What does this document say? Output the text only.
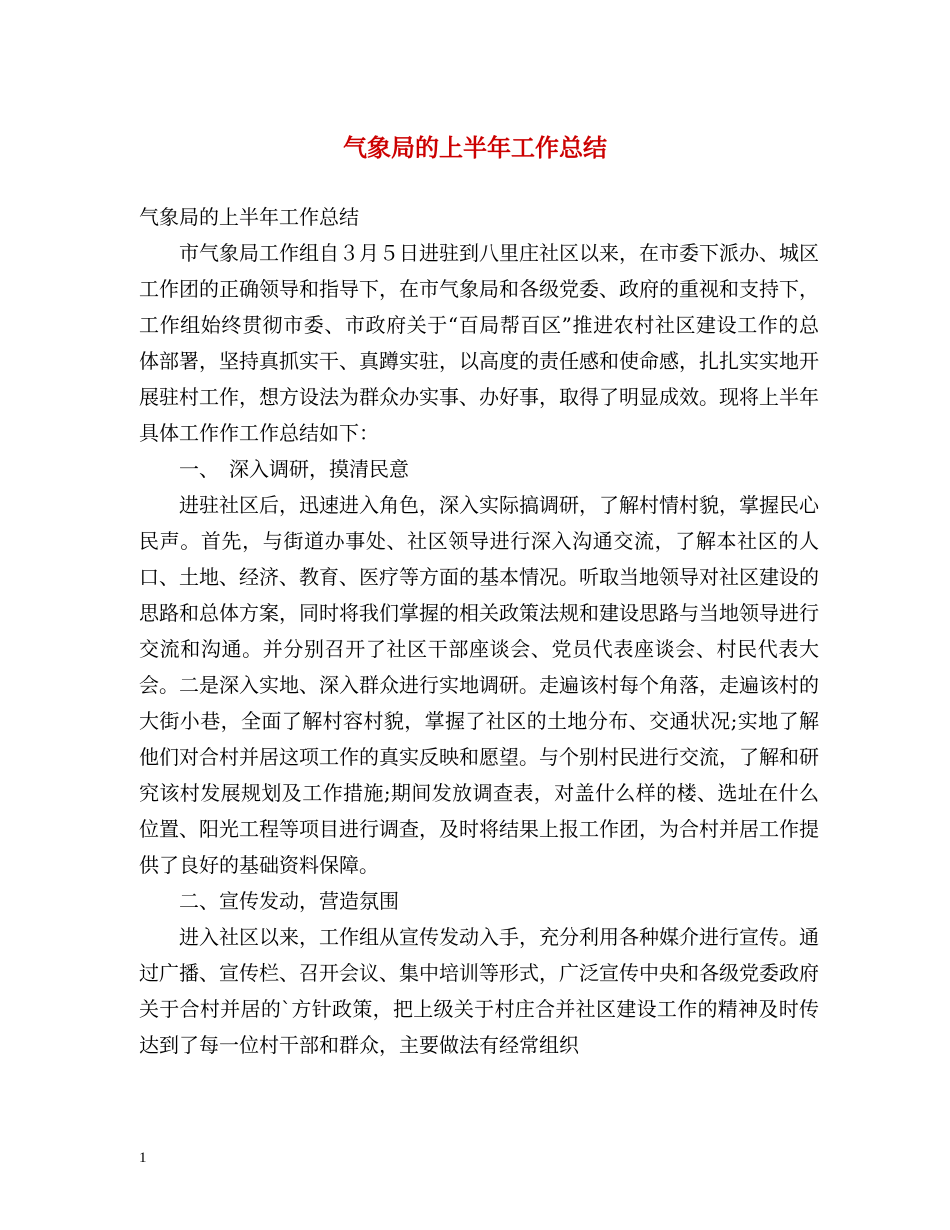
气象局的上半年工作总结

气象局的上半年工作总结

市气象局工作组自３月５日进驻到八里庄社区以来，在市委下派办、城区工作团的正确领导和指导下，在市气象局和各级党委、政府的重视和支持下，工作组始终贯彻市委、市政府关于“百局帮百区”推进农村社区建设工作的总体部署，坚持真抓实干、真蹲实驻，以高度的责任感和使命感，扎扎实实地开展驻村工作，想方设法为群众办实事、办好事，取得了明显成效。现将上半年具体工作作工作总结如下：

一、　深入调研，摸清民意

进驻社区后，迅速进入角色，深入实际搞调研，了解村情村貌，掌握民心民声。首先，与街道办事处、社区领导进行深入沟通交流，了解本社区的人口、土地、经济、教育、医疗等方面的基本情况。听取当地领导对社区建设的思路和总体方案，同时将我们掌握的相关政策法规和建设思路与当地领导进行交流和沟通。并分别召开了社区干部座谈会、党员代表座谈会、村民代表大会。二是深入实地、深入群众进行实地调研。走遍该村每个角落，走遍该村的大街小巷，全面了解村容村貌，掌握了社区的土地分布、交通状况;实地了解他们对合村并居这项工作的真实反映和愿望。与个别村民进行交流，了解和研究该村发展规划及工作措施;期间发放调查表，对盖什么样的楼、选址在什么位置、阳光工程等项目进行调查，及时将结果上报工作团，为合村并居工作提供了良好的基础资料保障。

二、宣传发动，营造氛围

进入社区以来，工作组从宣传发动入手，充分利用各种媒介进行宣传。通过广播、宣传栏、召开会议、集中培训等形式，广泛宣传中央和各级党委政府关于合村并居的`方针政策，把上级关于村庄合并社区建设工作的精神及时传达到了每一位村干部和群众，主要做法有经常组织

1
